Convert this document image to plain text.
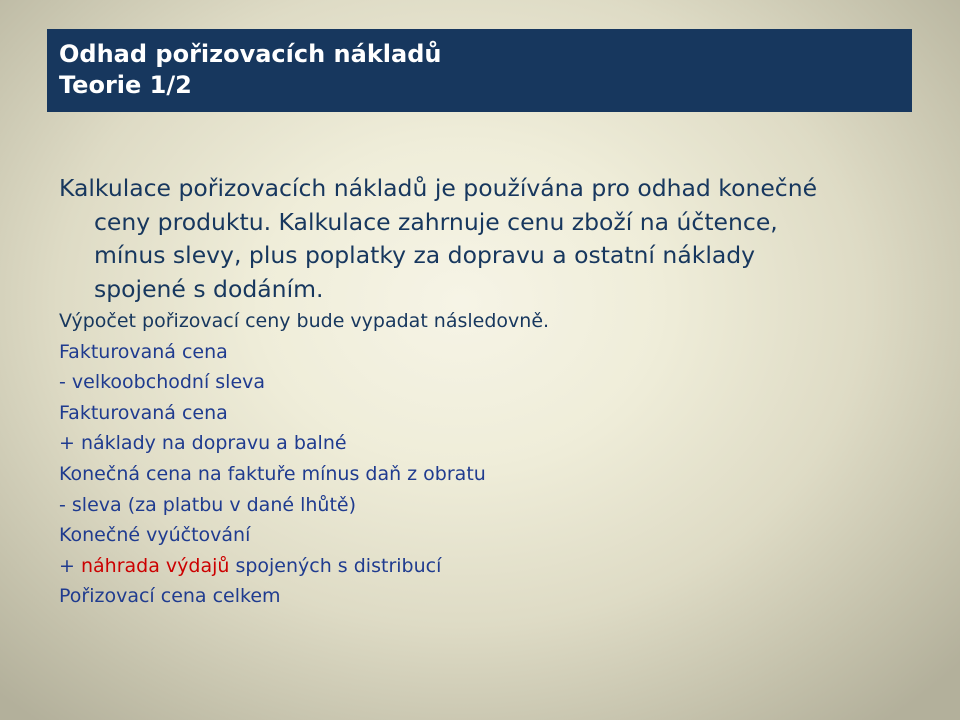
Odhad pořizovacích nákladů
Teorie 1/2

Kalkulace pořizovacích nákladů je používána pro odhad konečné
ceny produktu. Kalkulace zahrnuje cenu zboží na účtence,
mínus slevy, plus poplatky za dopravu a ostatní náklady
spojené s dodáním.

Výpočet pořizovací ceny bude vypadat následovně.
Fakturovaná cena
- velkoobchodní sleva
Fakturovaná cena
+ náklady na dopravu a balné
Konečná cena na faktuře mínus daň z obratu
- sleva (za platbu v dané lhůtě)
Konečné vyúčtování
+ náhrada výdajů spojených s distribucí
Pořizovací cena celkem
